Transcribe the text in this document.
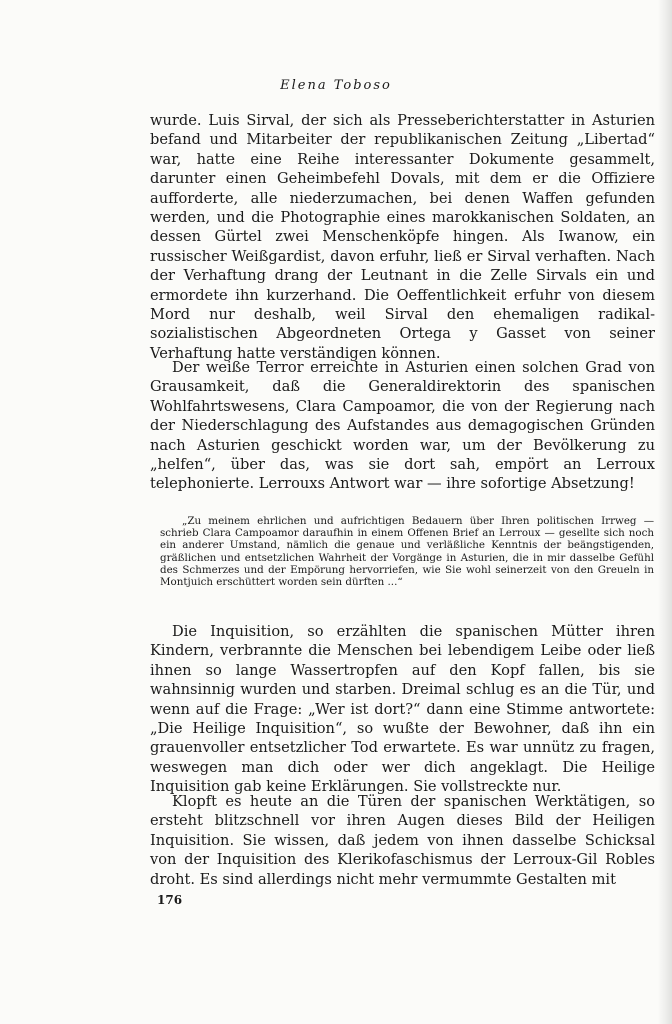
Elena Toboso

wurde. Luis Sirval, der sich als Presseberichterstatter in Asturien befand und Mitarbeiter der republikanischen Zeitung „Libertad“ war, hatte eine Reihe interessanter Dokumente gesammelt, darunter einen Geheimbefehl Dovals, mit dem er die Offiziere aufforderte, alle niederzumachen, bei denen Waffen gefunden werden, und die Photographie eines marokkanischen Soldaten, an dessen Gürtel zwei Menschenköpfe hingen. Als Iwanow, ein russischer Weißgardist, davon erfuhr, ließ er Sirval verhaften. Nach der Verhaftung drang der Leutnant in die Zelle Sirvals ein und ermordete ihn kurzerhand. Die Oeffentlichkeit erfuhr von diesem Mord nur deshalb, weil Sirval den ehemaligen radikal-sozialistischen Abgeordneten Ortega y Gasset von seiner Verhaftung hatte verständigen können.

Der weiße Terror erreichte in Asturien einen solchen Grad von Grausamkeit, daß die Generaldirektorin des spanischen Wohlfahrtswesens, Clara Campoamor, die von der Regierung nach der Niederschlagung des Aufstandes aus demagogischen Gründen nach Asturien geschickt worden war, um der Bevölkerung zu „helfen“, über das, was sie dort sah, empört an Lerroux telephonierte. Lerrouxs Antwort war — ihre sofortige Absetzung!

„Zu meinem ehrlichen und aufrichtigen Bedauern über Ihren politischen Irrweg — schrieb Clara Campoamor daraufhin in einem Offenen Brief an Lerroux — gesellte sich noch ein anderer Umstand, nämlich die genaue und verläßliche Kenntnis der beängstigenden, gräßlichen und entsetzlichen Wahrheit der Vorgänge in Asturien, die in mir dasselbe Gefühl des Schmerzes und der Empörung hervorriefen, wie Sie wohl seinerzeit von den Greueln in Montjuich erschüttert worden sein dürften ...“

Die Inquisition, so erzählten die spanischen Mütter ihren Kindern, verbrannte die Menschen bei lebendigem Leibe oder ließ ihnen so lange Wassertropfen auf den Kopf fallen, bis sie wahnsinnig wurden und starben. Dreimal schlug es an die Tür, und wenn auf die Frage: „Wer ist dort?“ dann eine Stimme antwortete: „Die Heilige Inquisition“, so wußte der Bewohner, daß ihn ein grauenvoller entsetzlicher Tod erwartete. Es war unnütz zu fragen, weswegen man dich oder wer dich angeklagt. Die Heilige Inquisition gab keine Erklärungen. Sie vollstreckte nur.

Klopft es heute an die Türen der spanischen Werktätigen, so ersteht blitzschnell vor ihren Augen dieses Bild der Heiligen Inquisition. Sie wissen, daß jedem von ihnen dasselbe Schicksal von der Inquisition des Klerikofaschismus der Lerroux-Gil Robles droht. Es sind allerdings nicht mehr vermummte Gestalten mit

176
